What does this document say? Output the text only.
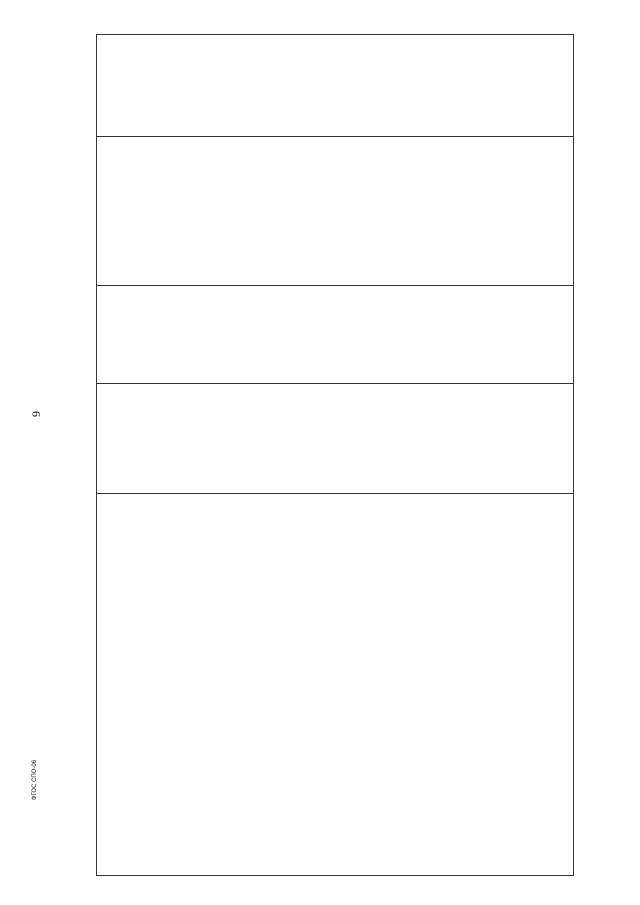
9
ФГОС СПО-06
